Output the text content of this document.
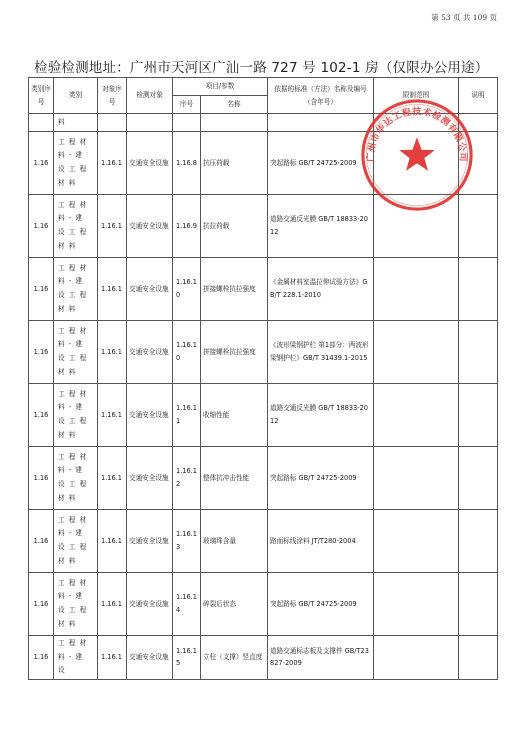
第 53 页 共 109 页
检验检测地址：广州市天河区广汕一路 727 号 102-1 房（仅限办公用途）
类别序号	类别	对象序号	检测对象	项目/参数		依据的标准（方法）名称及编号（含年号）	限制范围	说明
				序号	名称			
	料							
1.16	工程材料-建设工程材料	1.16.1	交通安全设施	1.16.8	抗压荷载	突起路标 GB/T 24725-2009		
1.16	工程材料-建设工程材料	1.16.1	交通安全设施	1.16.9	抗拉荷载	道路交通反光膜 GB/T 18833-2012		
1.16	工程材料-建设工程材料	1.16.1	交通安全设施	1.16.10	拼接螺栓抗拉强度	《金属材料室温拉伸试验方法》GB/T 228.1-2010		
1.16	工程材料-建设工程材料	1.16.1	交通安全设施	1.16.10	拼接螺栓抗拉强度	《波形梁钢护栏 第1部分：两波形梁钢护栏》GB/T 31439.1-2015		
1.16	工程材料-建设工程材料	1.16.1	交通安全设施	1.16.11	收缩性能	道路交通反光膜 GB/T 18833-2012		
1.16	工程材料-建设工程材料	1.16.1	交通安全设施	1.16.12	整体抗冲击性能	突起路标 GB/T 24725-2009		
1.16	工程材料-建设工程材料	1.16.1	交通安全设施	1.16.13	玻璃珠含量	路面标线涂料 JT/T280-2004		
1.16	工程材料-建设工程材料	1.16.1	交通安全设施	1.16.14	碎裂后状态	突起路标 GB/T 24725-2009		
1.16	工程材料-建设	1.16.1	交通安全设施	1.16.15	立柱（支撑）竖直度	道路交通标志板及支撑件 GB/T23827-2009		
广州市华达工程技术检测有限公司
